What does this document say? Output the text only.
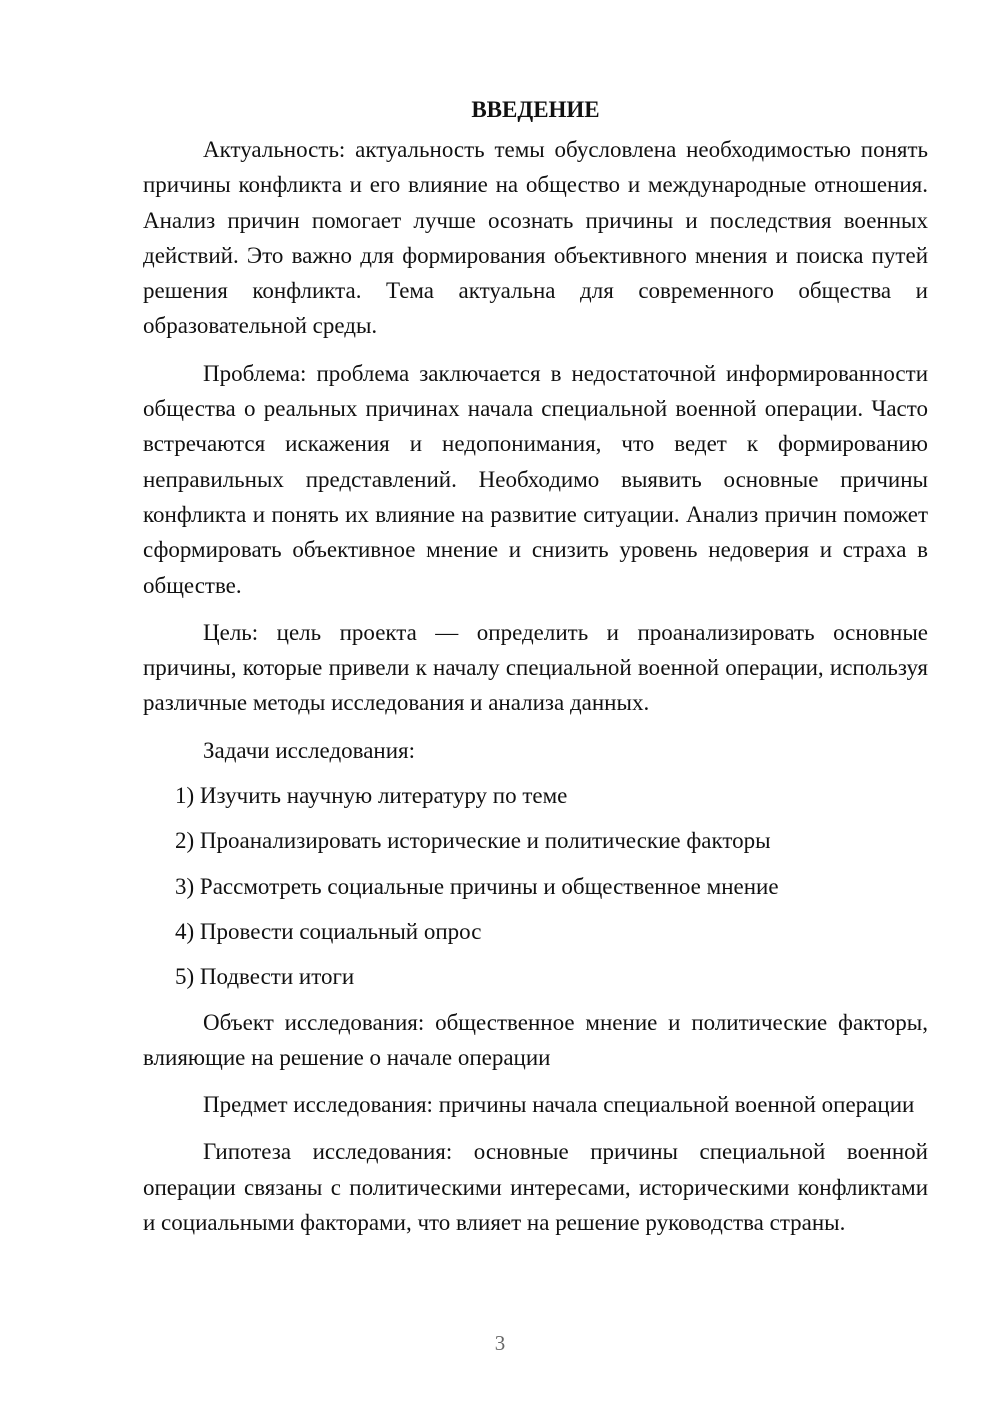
ВВЕДЕНИЕ

Актуальность: актуальность темы обусловлена необходимостью понять причины конфликта и его влияние на общество и международные отношения. Анализ причин помогает лучше осознать причины и последствия военных действий. Это важно для формирования объективного мнения и поиска путей решения конфликта. Тема актуальна для современного общества и образовательной среды.

Проблема: проблема заключается в недостаточной информированности общества о реальных причинах начала специальной военной операции. Часто встречаются искажения и недопонимания, что ведет к формированию неправильных представлений. Необходимо выявить основные причины конфликта и понять их влияние на развитие ситуации. Анализ причин поможет сформировать объективное мнение и снизить уровень недоверия и страха в обществе.

Цель: цель проекта — определить и проанализировать основные причины, которые привели к началу специальной военной операции, используя различные методы исследования и анализа данных.

Задачи исследования:
1) Изучить научную литературу по теме
2) Проанализировать исторические и политические факторы
3) Рассмотреть социальные причины и общественное мнение
4) Провести социальный опрос
5) Подвести итоги

Объект исследования: общественное мнение и политические факторы, влияющие на решение о начале операции

Предмет исследования: причины начала специальной военной операции

Гипотеза исследования: основные причины специальной военной операции связаны с политическими интересами, историческими конфликтами и социальными факторами, что влияет на решение руководства страны.

3
